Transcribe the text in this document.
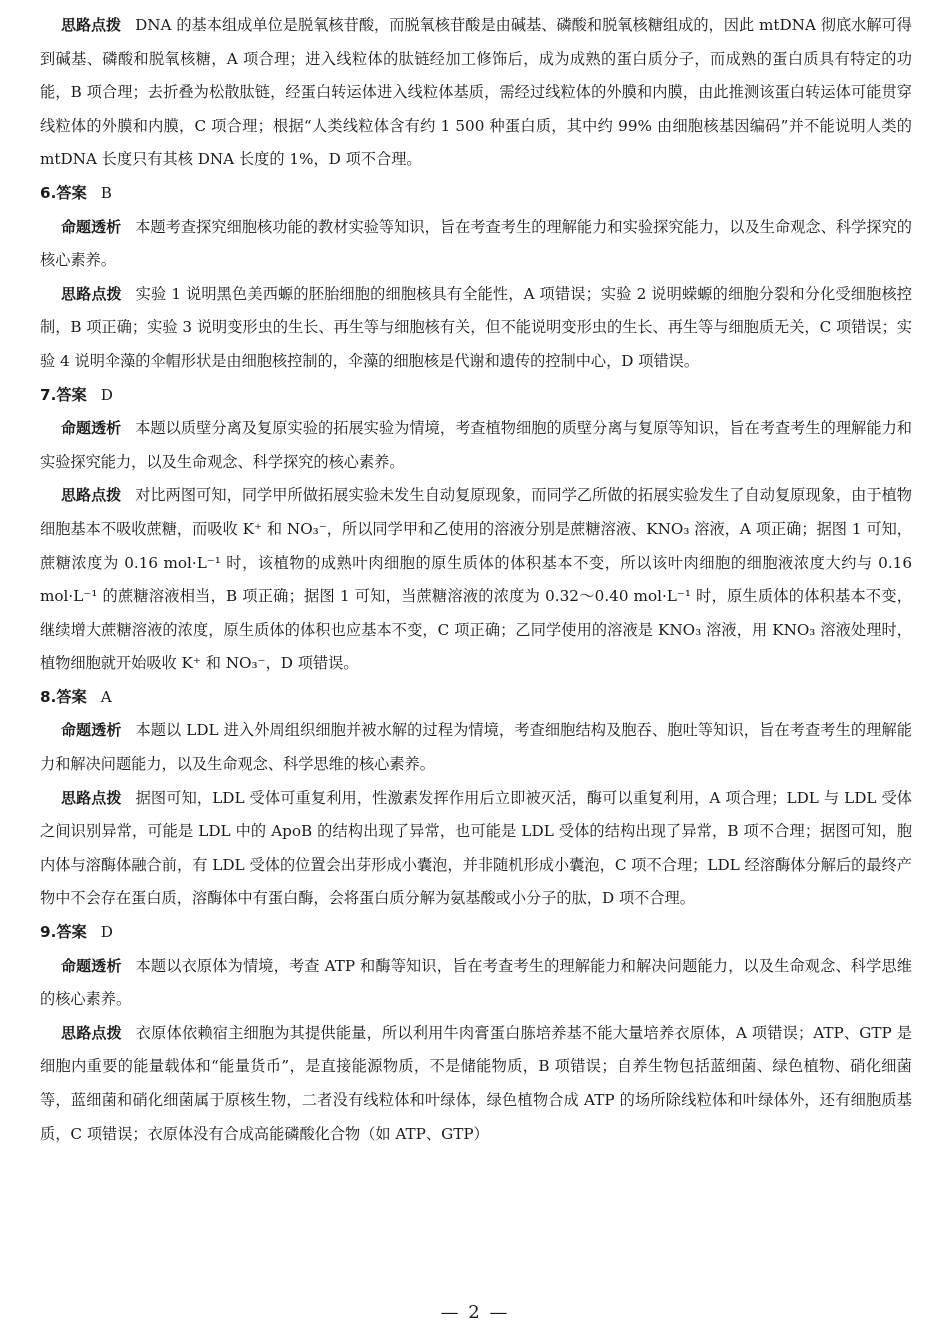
思路点拨 DNA 的基本组成单位是脱氧核苷酸，而脱氧核苷酸是由碱基、磷酸和脱氧核糖组成的，因此 mtDNA 彻底水解可得到碱基、磷酸和脱氧核糖，A 项合理；进入线粒体的肽链经加工修饰后，成为成熟的蛋白质分子，而成熟的蛋白质具有特定的功能，B 项合理；去折叠为松散肽链，经蛋白转运体进入线粒体基质，需经过线粒体的外膜和内膜，由此推测该蛋白转运体可能贯穿线粒体的外膜和内膜，C 项合理；根据“人类线粒体含有约 1 500 种蛋白质，其中约 99% 由细胞核基因编码”并不能说明人类的 mtDNA 长度只有其核 DNA 长度的 1%，D 项不合理。

6.答案 B

命题透析 本题考查探究细胞核功能的教材实验等知识，旨在考查考生的理解能力和实验探究能力，以及生命观念、科学探究的核心素养。

思路点拨 实验 1 说明黑色美西螈的胚胎细胞的细胞核具有全能性，A 项错误；实验 2 说明蝾螈的细胞分裂和分化受细胞核控制，B 项正确；实验 3 说明变形虫的生长、再生等与细胞核有关，但不能说明变形虫的生长、再生等与细胞质无关，C 项错误；实验 4 说明伞藻的伞帽形状是由细胞核控制的，伞藻的细胞核是代谢和遗传的控制中心，D 项错误。

7.答案 D

命题透析 本题以质壁分离及复原实验的拓展实验为情境，考查植物细胞的质壁分离与复原等知识，旨在考查考生的理解能力和实验探究能力，以及生命观念、科学探究的核心素养。

思路点拨 对比两图可知，同学甲所做拓展实验未发生自动复原现象，而同学乙所做的拓展实验发生了自动复原现象，由于植物细胞基本不吸收蔗糖，而吸收 K⁺ 和 NO₃⁻，所以同学甲和乙使用的溶液分别是蔗糖溶液、KNO₃ 溶液，A 项正确；据图 1 可知，蔗糖浓度为 0.16 mol·L⁻¹ 时，该植物的成熟叶肉细胞的原生质体的体积基本不变，所以该叶肉细胞的细胞液浓度大约与 0.16 mol·L⁻¹ 的蔗糖溶液相当，B 项正确；据图 1 可知，当蔗糖溶液的浓度为 0.32～0.40 mol·L⁻¹ 时，原生质体的体积基本不变，继续增大蔗糖溶液的浓度，原生质体的体积也应基本不变，C 项正确；乙同学使用的溶液是 KNO₃ 溶液，用 KNO₃ 溶液处理时，植物细胞就开始吸收 K⁺ 和 NO₃⁻，D 项错误。

8.答案 A

命题透析 本题以 LDL 进入外周组织细胞并被水解的过程为情境，考查细胞结构及胞吞、胞吐等知识，旨在考查考生的理解能力和解决问题能力，以及生命观念、科学思维的核心素养。

思路点拨 据图可知，LDL 受体可重复利用，性激素发挥作用后立即被灭活，酶可以重复利用，A 项合理；LDL 与 LDL 受体之间识别异常，可能是 LDL 中的 ApoB 的结构出现了异常，也可能是 LDL 受体的结构出现了异常，B 项不合理；据图可知，胞内体与溶酶体融合前，有 LDL 受体的位置会出芽形成小囊泡，并非随机形成小囊泡，C 项不合理；LDL 经溶酶体分解后的最终产物中不会存在蛋白质，溶酶体中有蛋白酶，会将蛋白质分解为氨基酸或小分子的肽，D 项不合理。

9.答案 D

命题透析 本题以衣原体为情境，考查 ATP 和酶等知识，旨在考查考生的理解能力和解决问题能力，以及生命观念、科学思维的核心素养。

思路点拨 衣原体依赖宿主细胞为其提供能量，所以利用牛肉膏蛋白胨培养基不能大量培养衣原体，A 项错误；ATP、GTP 是细胞内重要的能量载体和“能量货币”，是直接能源物质，不是储能物质，B 项错误；自养生物包括蓝细菌、绿色植物、硝化细菌等，蓝细菌和硝化细菌属于原核生物，二者没有线粒体和叶绿体，绿色植物合成 ATP 的场所除线粒体和叶绿体外，还有细胞质基质，C 项错误；衣原体没有合成高能磷酸化合物（如 ATP、GTP）

— 2 —
